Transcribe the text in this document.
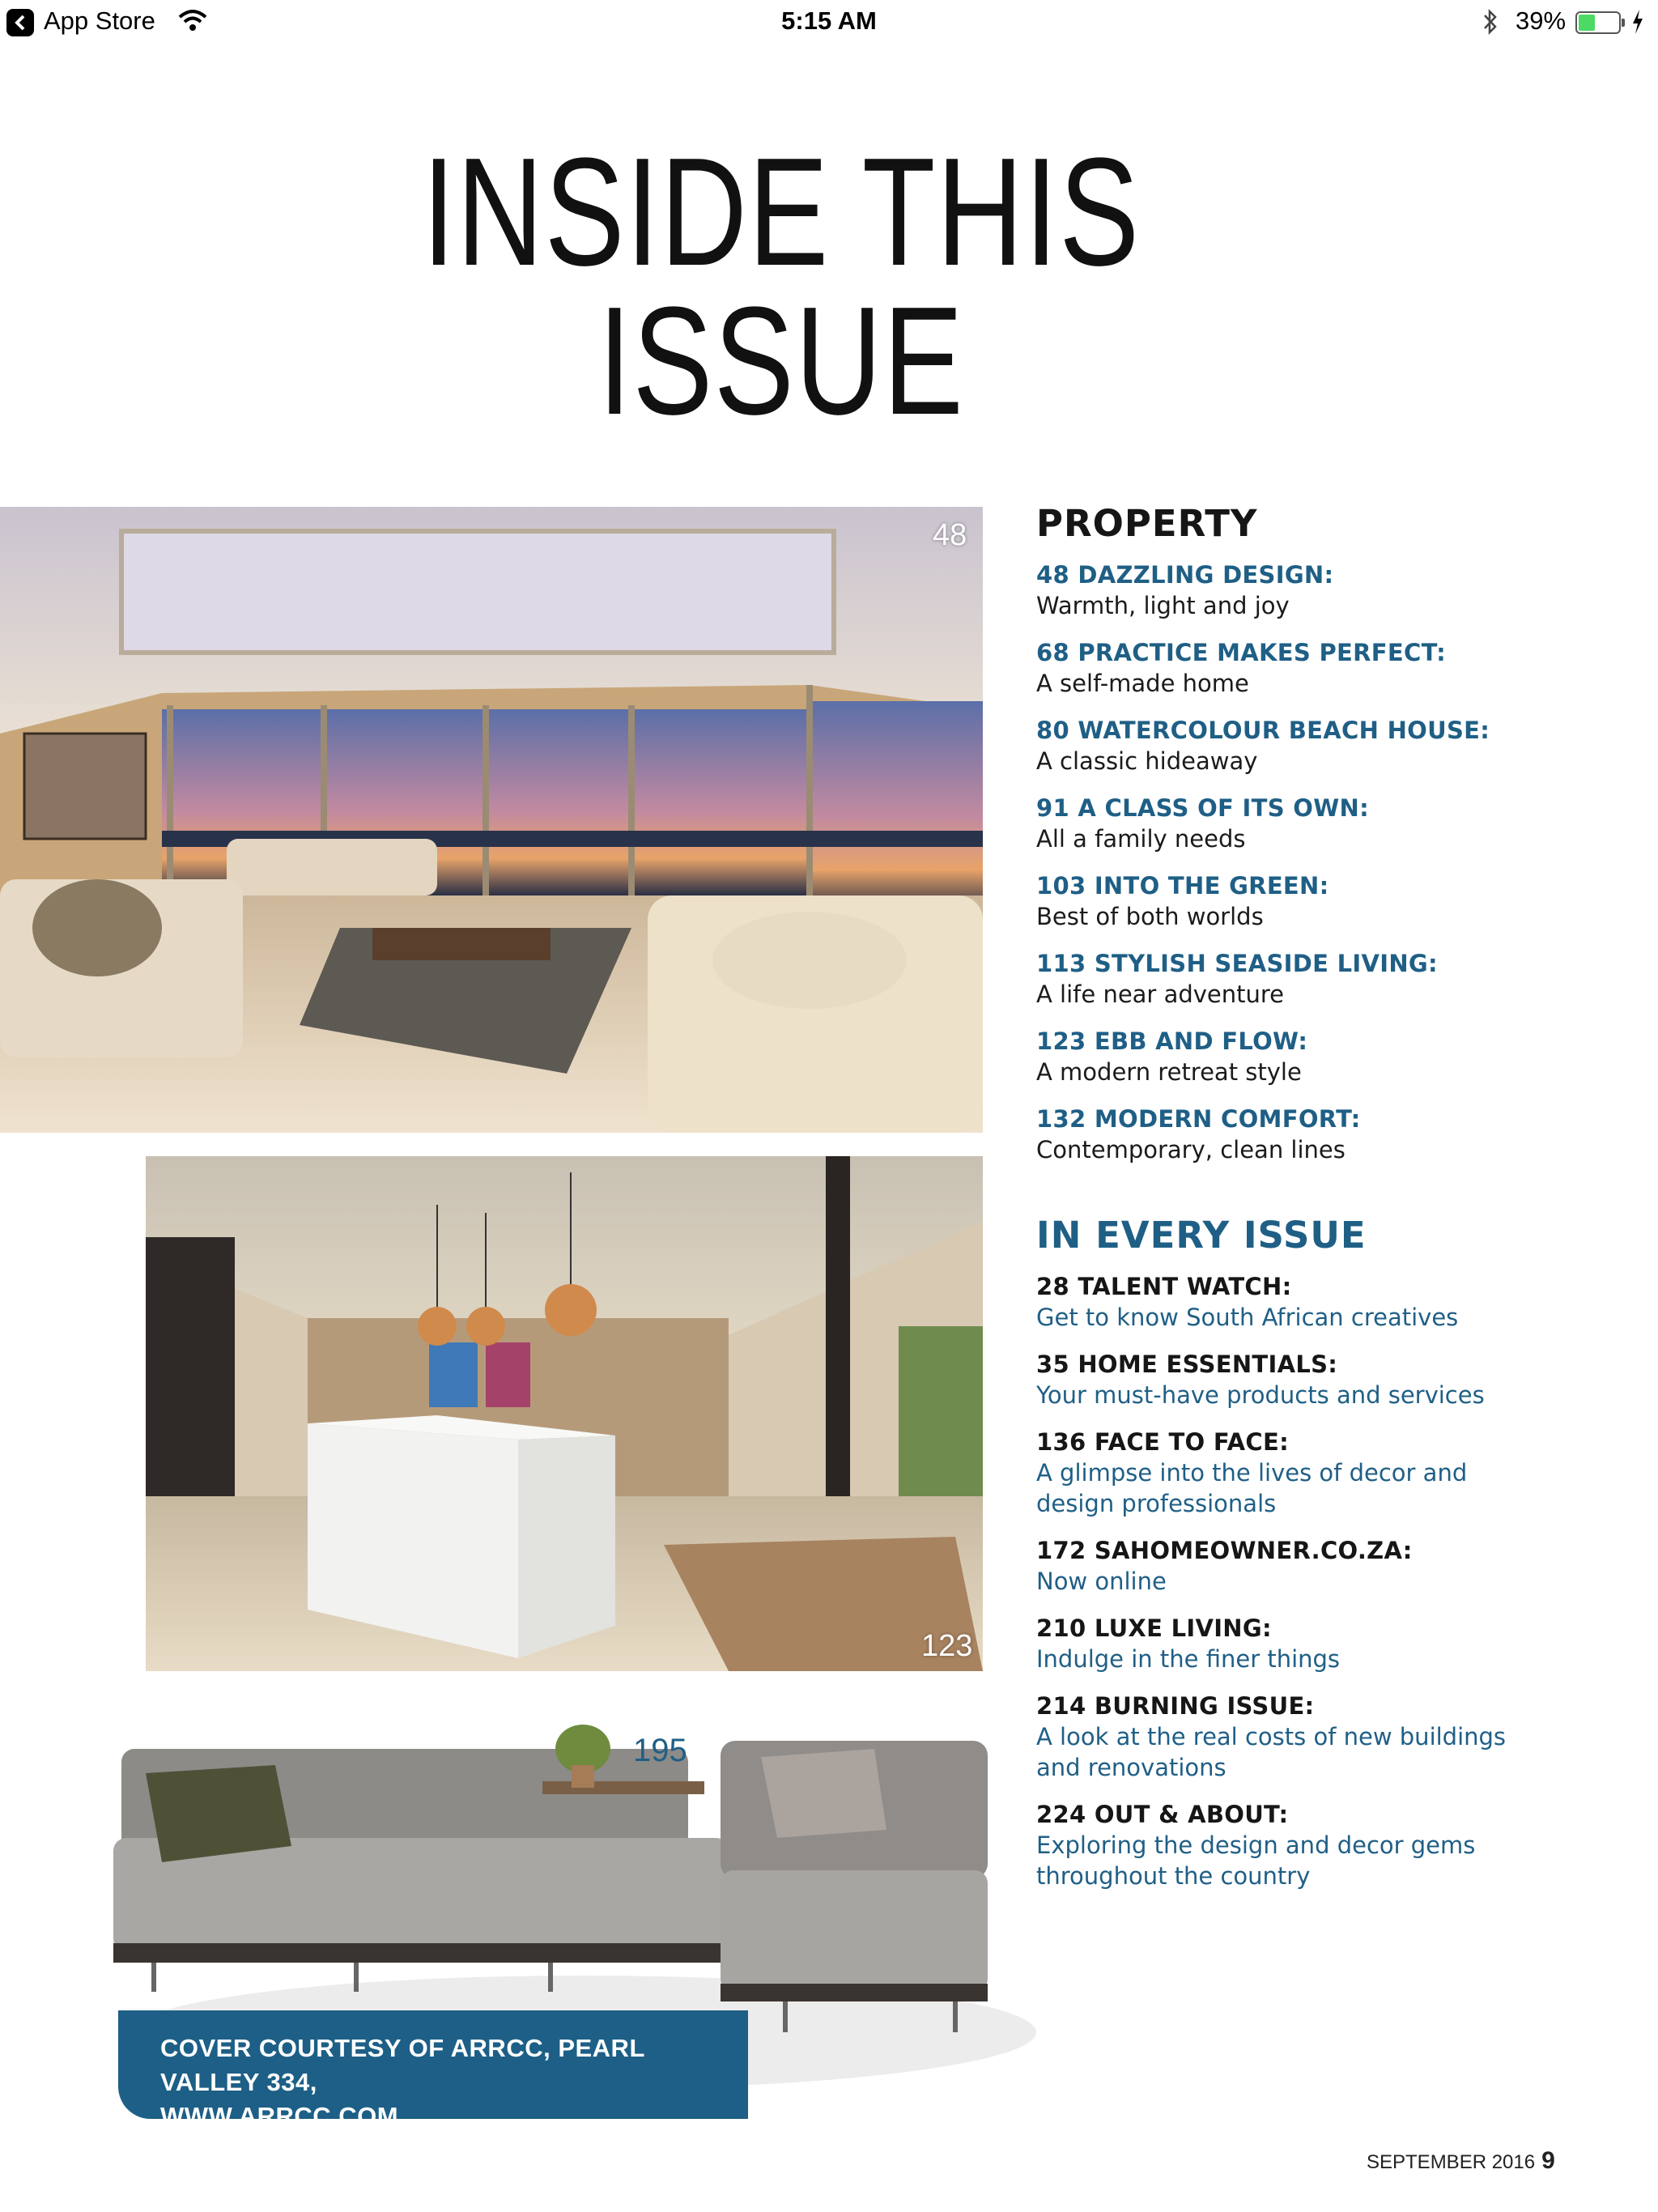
App Store	5:15 AM	39%
INSIDE THIS
ISSUE
48
123
195
COVER COURTESY OF ARRCC, PEARL VALLEY 334,
WWW.ARRCC.COM
PROPERTY
48 DAZZLING DESIGN:
Warmth, light and joy
68 PRACTICE MAKES PERFECT:
A self-made home
80 WATERCOLOUR BEACH HOUSE:
A classic hideaway
91 A CLASS OF ITS OWN:
All a family needs
103 INTO THE GREEN:
Best of both worlds
113 STYLISH SEASIDE LIVING:
A life near adventure
123 EBB AND FLOW:
A modern retreat style
132 MODERN COMFORT:
Contemporary, clean lines
IN EVERY ISSUE
28 TALENT WATCH:
Get to know South African creatives
35 HOME ESSENTIALS:
Your must-have products and services
136 FACE TO FACE:
A glimpse into the lives of decor and
design professionals
172 SAHOMEOWNER.CO.ZA:
Now online
210 LUXE LIVING:
Indulge in the finer things
214 BURNING ISSUE:
A look at the real costs of new buildings
and renovations
224 OUT & ABOUT:
Exploring the design and decor gems
throughout the country
SEPTEMBER 2016 9
